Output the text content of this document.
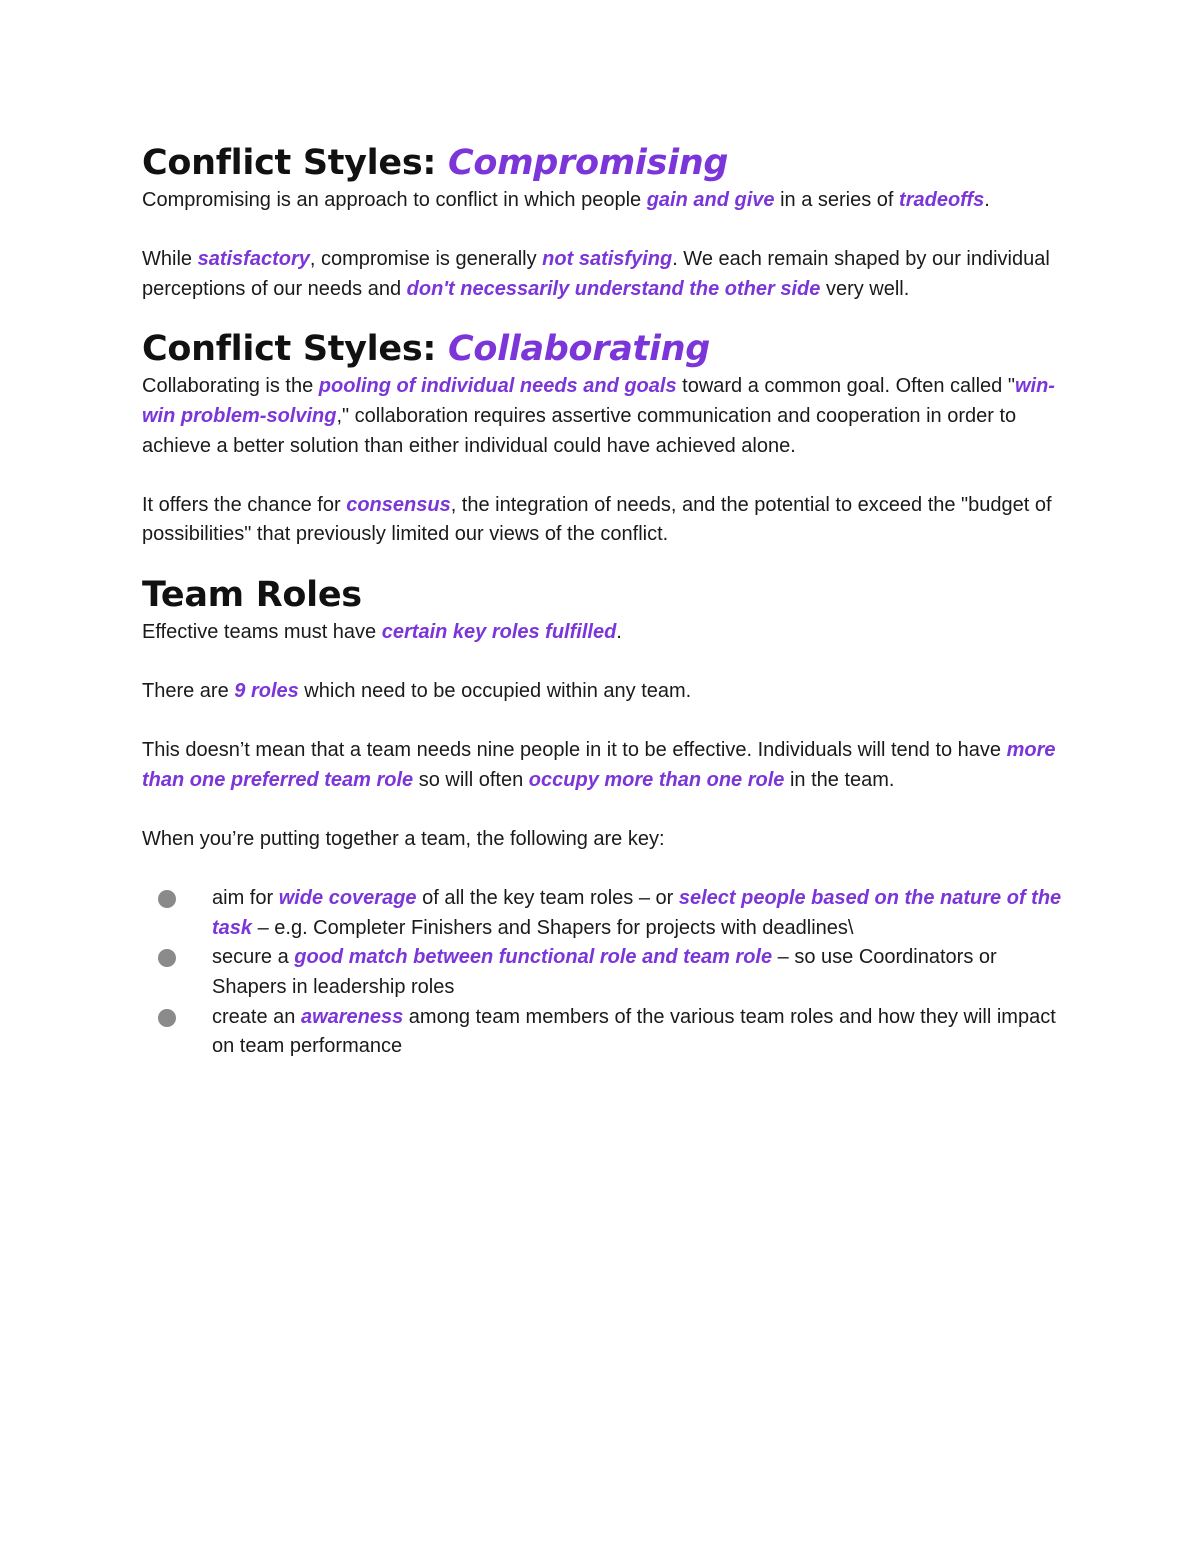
Conflict Styles: Compromising

Compromising is an approach to conflict in which people gain and give in a series of tradeoffs.

While satisfactory, compromise is generally not satisfying. We each remain shaped by our individual perceptions of our needs and don't necessarily understand the other side very well.

Conflict Styles: Collaborating

Collaborating is the pooling of individual needs and goals toward a common goal. Often called "win-win problem-solving," collaboration requires assertive communication and cooperation in order to achieve a better solution than either individual could have achieved alone.

It offers the chance for consensus, the integration of needs, and the potential to exceed the "budget of possibilities" that previously limited our views of the conflict.

Team Roles

Effective teams must have certain key roles fulfilled.

There are 9 roles which need to be occupied within any team.

This doesn’t mean that a team needs nine people in it to be effective. Individuals will tend to have more than one preferred team role so will often occupy more than one role in the team.

When you’re putting together a team, the following are key:

aim for wide coverage of all the key team roles – or select people based on the nature of the task – e.g. Completer Finishers and Shapers for projects with deadlines\
secure a good match between functional role and team role – so use Coordinators or Shapers in leadership roles
create an awareness among team members of the various team roles and how they will impact on team performance
